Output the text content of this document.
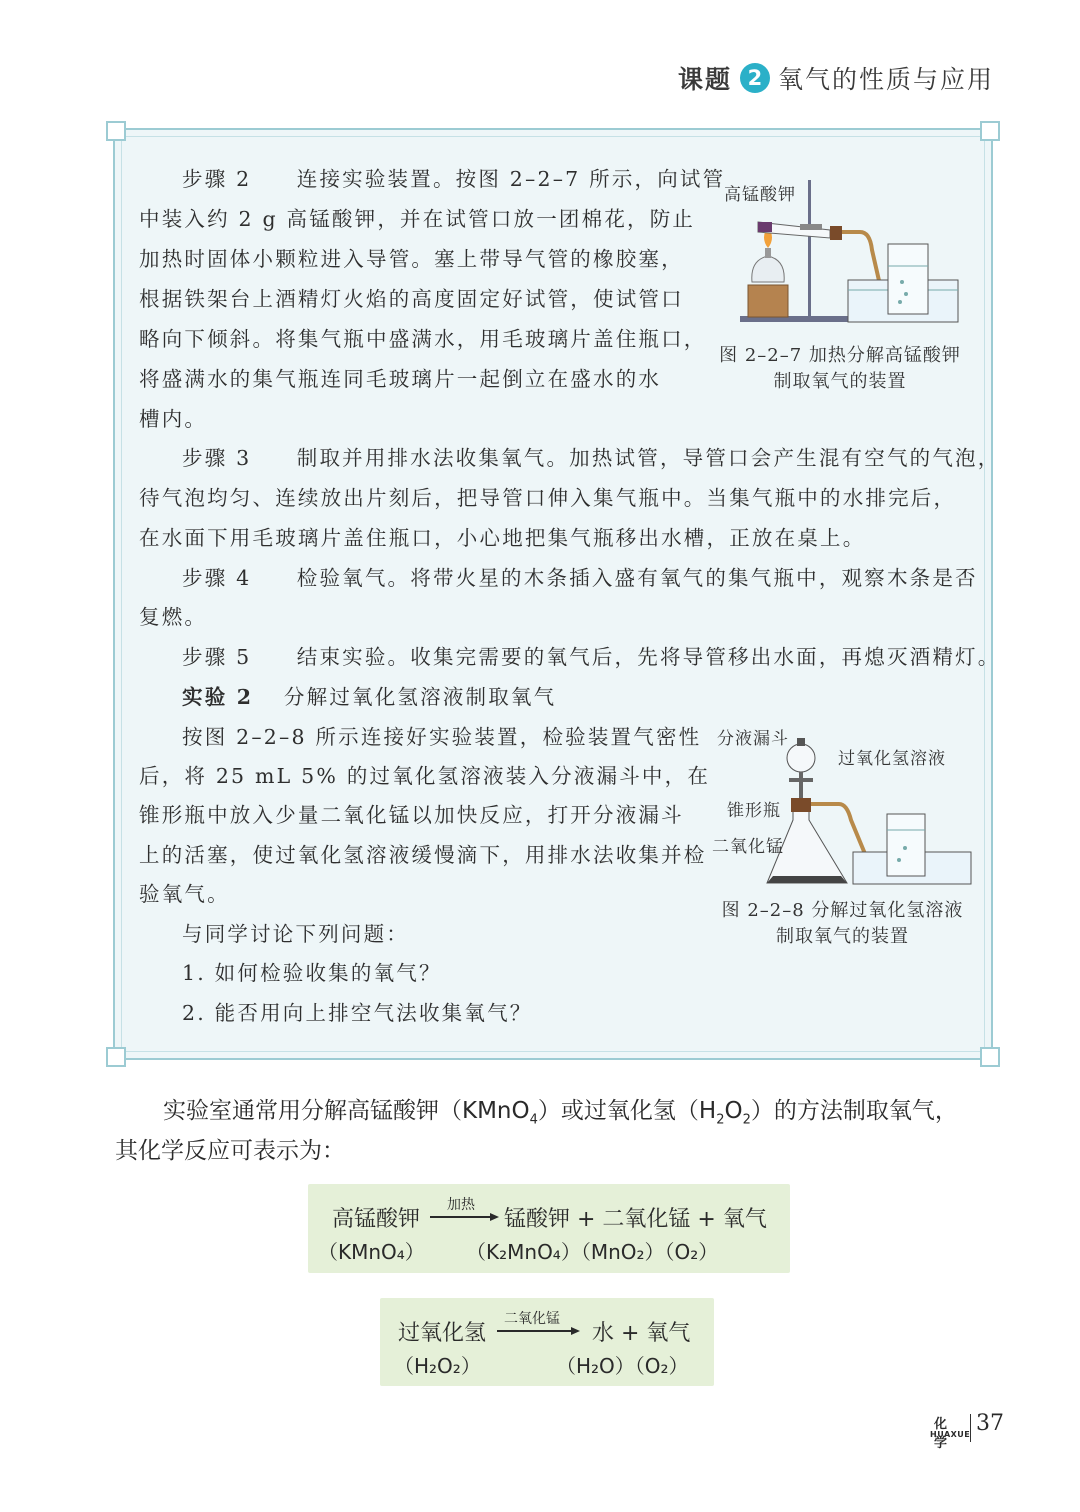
课题 2 氧气的性质与应用
步骤 2　　连接实验装置。按图 2–2–7 所示，向试管
中装入约 2 g 高锰酸钾，并在试管口放一团棉花，防止
加热时固体小颗粒进入导管。塞上带导气管的橡胶塞，
根据铁架台上酒精灯火焰的高度固定好试管，使试管口
略向下倾斜。将集气瓶中盛满水，用毛玻璃片盖住瓶口，
将盛满水的集气瓶连同毛玻璃片一起倒立在盛水的水
槽内。
步骤 3　　制取并用排水法收集氧气。加热试管，导管口会产生混有空气的气泡，
待气泡均匀、连续放出片刻后，把导管口伸入集气瓶中。当集气瓶中的水排完后，
在水面下用毛玻璃片盖住瓶口，小心地把集气瓶移出水槽，正放在桌上。
步骤 4　　检验氧气。将带火星的木条插入盛有氧气的集气瓶中，观察木条是否
复燃。
步骤 5　　结束实验。收集完需要的氧气后，先将导管移出水面，再熄灭酒精灯。
高锰酸钾
图 2–2–7 加热分解高锰酸钾
制取氧气的装置
实验 2 分解过氧化氢溶液制取氧气
按图 2–2–8 所示连接好实验装置，检验装置气密性
后，将 25 mL 5% 的过氧化氢溶液装入分液漏斗中，在
锥形瓶中放入少量二氧化锰以加快反应，打开分液漏斗
上的活塞，使过氧化氢溶液缓慢滴下，用排水法收集并检
验氧气。
与同学讨论下列问题：
1. 如何检验收集的氧气？
2. 能否用向上排空气法收集氧气？
分液漏斗
过氧化氢溶液
锥形瓶
二氧化锰
图 2–2–8 分解过氧化氢溶液
制取氧气的装置
实验室通常用分解高锰酸钾（KMnO$_4$）或过氧化氢$(H_2O_2)$的方法制取氧气，
其化学反应可表示为：
高锰酸钾
加热
锰酸钾 + 二氧化锰 + 氧气
（KMnO₄） （K₂MnO₄）（MnO₂）（O₂）
过氧化氢
二氧化锰
水 + 氧气
（H₂O₂）	（H₂O）（O₂）
化 学
HUAXUE 37
